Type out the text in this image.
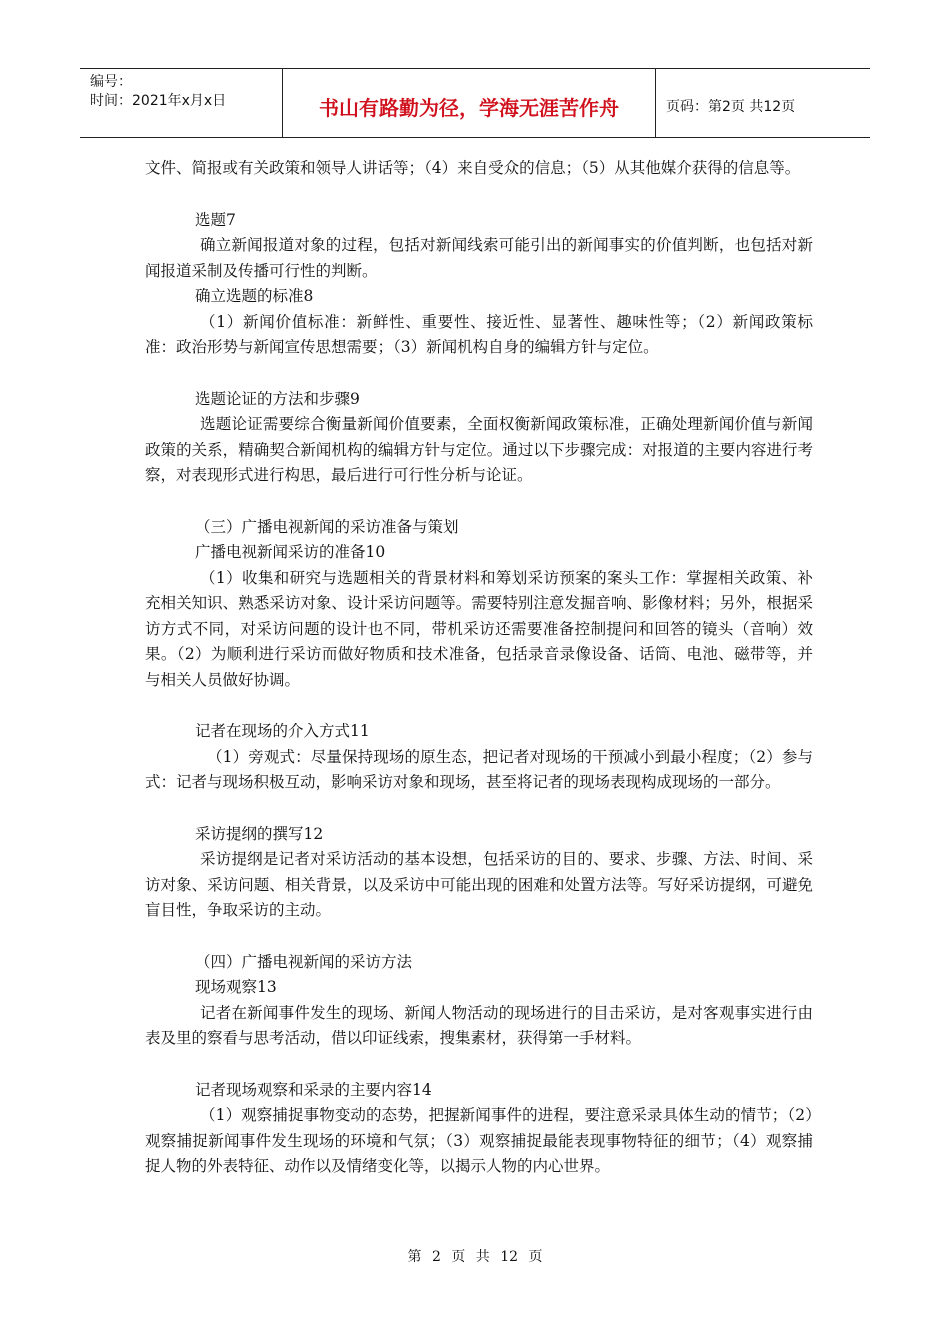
编号：
时间：2021年x月x日	书山有路勤为径，学海无涯苦作舟	页码：第2页 共12页

文件、简报或有关政策和领导人讲话等；（4）来自受众的信息；（5）从其他媒介获得的信息等。

选题7

确立新闻报道对象的过程，包括对新闻线索可能引出的新闻事实的价值判断，也包括对新闻报道采制及传播可行性的判断。

确立选题的标准8

（1）新闻价值标准：新鲜性、重要性、接近性、显著性、趣味性等；（2）新闻政策标准：政治形势与新闻宣传思想需要；（3）新闻机构自身的编辑方针与定位。

选题论证的方法和步骤9

选题论证需要综合衡量新闻价值要素，全面权衡新闻政策标准，正确处理新闻价值与新闻政策的关系，精确契合新闻机构的编辑方针与定位。通过以下步骤完成：对报道的主要内容进行考察，对表现形式进行构思，最后进行可行性分析与论证。

（三）广播电视新闻的采访准备与策划

广播电视新闻采访的准备10

（1）收集和研究与选题相关的背景材料和筹划采访预案的案头工作：掌握相关政策、补充相关知识、熟悉采访对象、设计采访问题等。需要特别注意发掘音响、影像材料；另外，根据采访方式不同，对采访问题的设计也不同，带机采访还需要准备控制提问和回答的镜头（音响）效果。（2）为顺利进行采访而做好物质和技术准备，包括录音录像设备、话筒、电池、磁带等，并与相关人员做好协调。

记者在现场的介入方式11

（1）旁观式：尽量保持现场的原生态，把记者对现场的干预减小到最小程度；（2）参与式：记者与现场积极互动，影响采访对象和现场，甚至将记者的现场表现构成现场的一部分。

采访提纲的撰写12

采访提纲是记者对采访活动的基本设想，包括采访的目的、要求、步骤、方法、时间、采访对象、采访问题、相关背景，以及采访中可能出现的困难和处置方法等。写好采访提纲，可避免盲目性，争取采访的主动。

（四）广播电视新闻的采访方法

现场观察13

记者在新闻事件发生的现场、新闻人物活动的现场进行的目击采访，是对客观事实进行由表及里的察看与思考活动，借以印证线索，搜集素材，获得第一手材料。

记者现场观察和采录的主要内容14

（1）观察捕捉事物变动的态势，把握新闻事件的进程，要注意采录具体生动的情节；（2）观察捕捉新闻事件发生现场的环境和气氛；（3）观察捕捉最能表现事物特征的细节；（4）观察捕捉人物的外表特征、动作以及情绪变化等，以揭示人物的内心世界。

第 2 页 共 12 页
